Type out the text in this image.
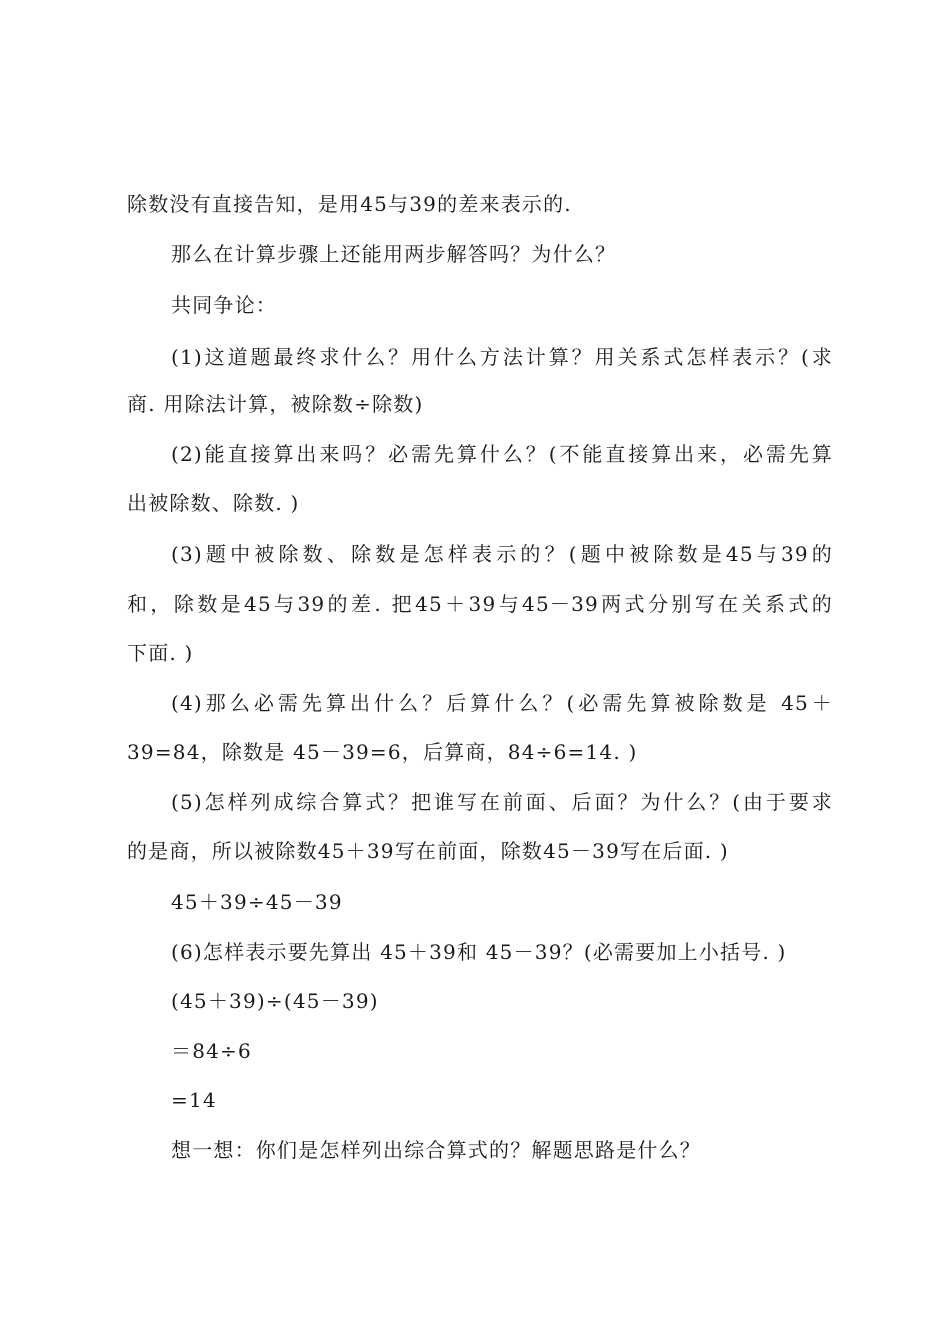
除数没有直接告知，是用45与39的差来表示的.
那么在计算步骤上还能用两步解答吗？为什么？
共同争论：
(1)这道题最终求什么？用什么方法计算？用关系式怎样表示？(求
商. 用除法计算，被除数÷除数)
(2)能直接算出来吗？必需先算什么？(不能直接算出来，必需先算
出被除数、除数. )
(3)题中被除数、除数是怎样表示的？(题中被除数是45与39的
和，除数是45与39的差. 把45＋39与45－39两式分别写在关系式的
下面. )
(4)那么必需先算出什么？后算什么？(必需先算被除数是 45＋
39=84，除数是 45－39=6，后算商，84÷6=14. )
(5)怎样列成综合算式？把谁写在前面、后面？为什么？(由于要求
的是商，所以被除数45＋39写在前面，除数45－39写在后面. )
45＋39÷45－39
(6)怎样表示要先算出 45＋39和 45－39？(必需要加上小括号. )
(45＋39)÷(45－39)
＝84÷6
=14
想一想：你们是怎样列出综合算式的？解题思路是什么？
